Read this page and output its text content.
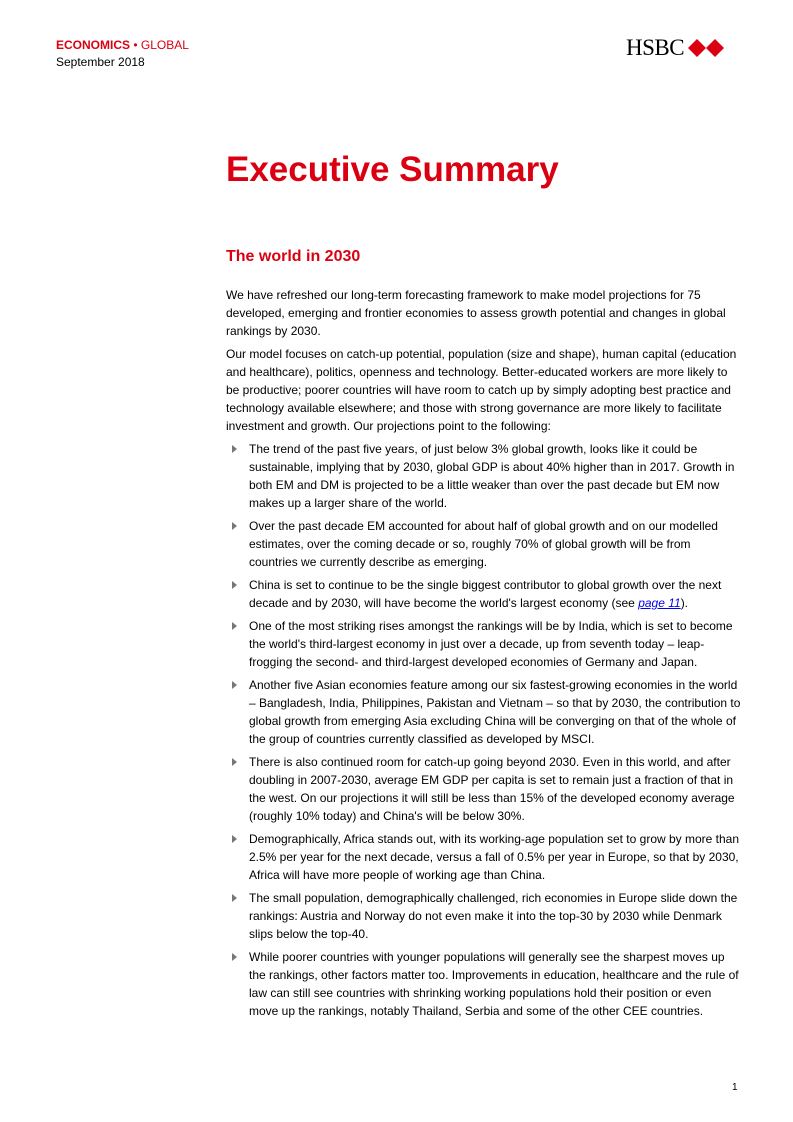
ECONOMICS • GLOBAL
September 2018
HSBC
Executive Summary
The world in 2030

We have refreshed our long-term forecasting framework to make model projections for 75 developed, emerging and frontier economies to assess growth potential and changes in global rankings by 2030.

Our model focuses on catch-up potential, population (size and shape), human capital (education and healthcare), politics, openness and technology. Better-educated workers are more likely to be productive; poorer countries will have room to catch up by simply adopting best practice and technology available elsewhere; and those with strong governance are more likely to facilitate investment and growth. Our projections point to the following:

The trend of the past five years, of just below 3% global growth, looks like it could be sustainable, implying that by 2030, global GDP is about 40% higher than in 2017. Growth in both EM and DM is projected to be a little weaker than over the past decade but EM now makes up a larger share of the world.
Over the past decade EM accounted for about half of global growth and on our modelled estimates, over the coming decade or so, roughly 70% of global growth will be from countries we currently describe as emerging.
China is set to continue to be the single biggest contributor to global growth over the next decade and by 2030, will have become the world's largest economy (see page 11).
One of the most striking rises amongst the rankings will be by India, which is set to become the world's third-largest economy in just over a decade, up from seventh today – leap-frogging the second- and third-largest developed economies of Germany and Japan.
Another five Asian economies feature among our six fastest-growing economies in the world – Bangladesh, India, Philippines, Pakistan and Vietnam – so that by 2030, the contribution to global growth from emerging Asia excluding China will be converging on that of the whole of the group of countries currently classified as developed by MSCI.
There is also continued room for catch-up going beyond 2030. Even in this world, and after doubling in 2007-2030, average EM GDP per capita is set to remain just a fraction of that in the west. On our projections it will still be less than 15% of the developed economy average (roughly 10% today) and China's will be below 30%.
Demographically, Africa stands out, with its working-age population set to grow by more than 2.5% per year for the next decade, versus a fall of 0.5% per year in Europe, so that by 2030, Africa will have more people of working age than China.
The small population, demographically challenged, rich economies in Europe slide down the rankings: Austria and Norway do not even make it into the top-30 by 2030 while Denmark slips below the top-40.
While poorer countries with younger populations will generally see the sharpest moves up the rankings, other factors matter too. Improvements in education, healthcare and the rule of law can still see countries with shrinking working populations hold their position or even move up the rankings, notably Thailand, Serbia and some of the other CEE countries.
1
